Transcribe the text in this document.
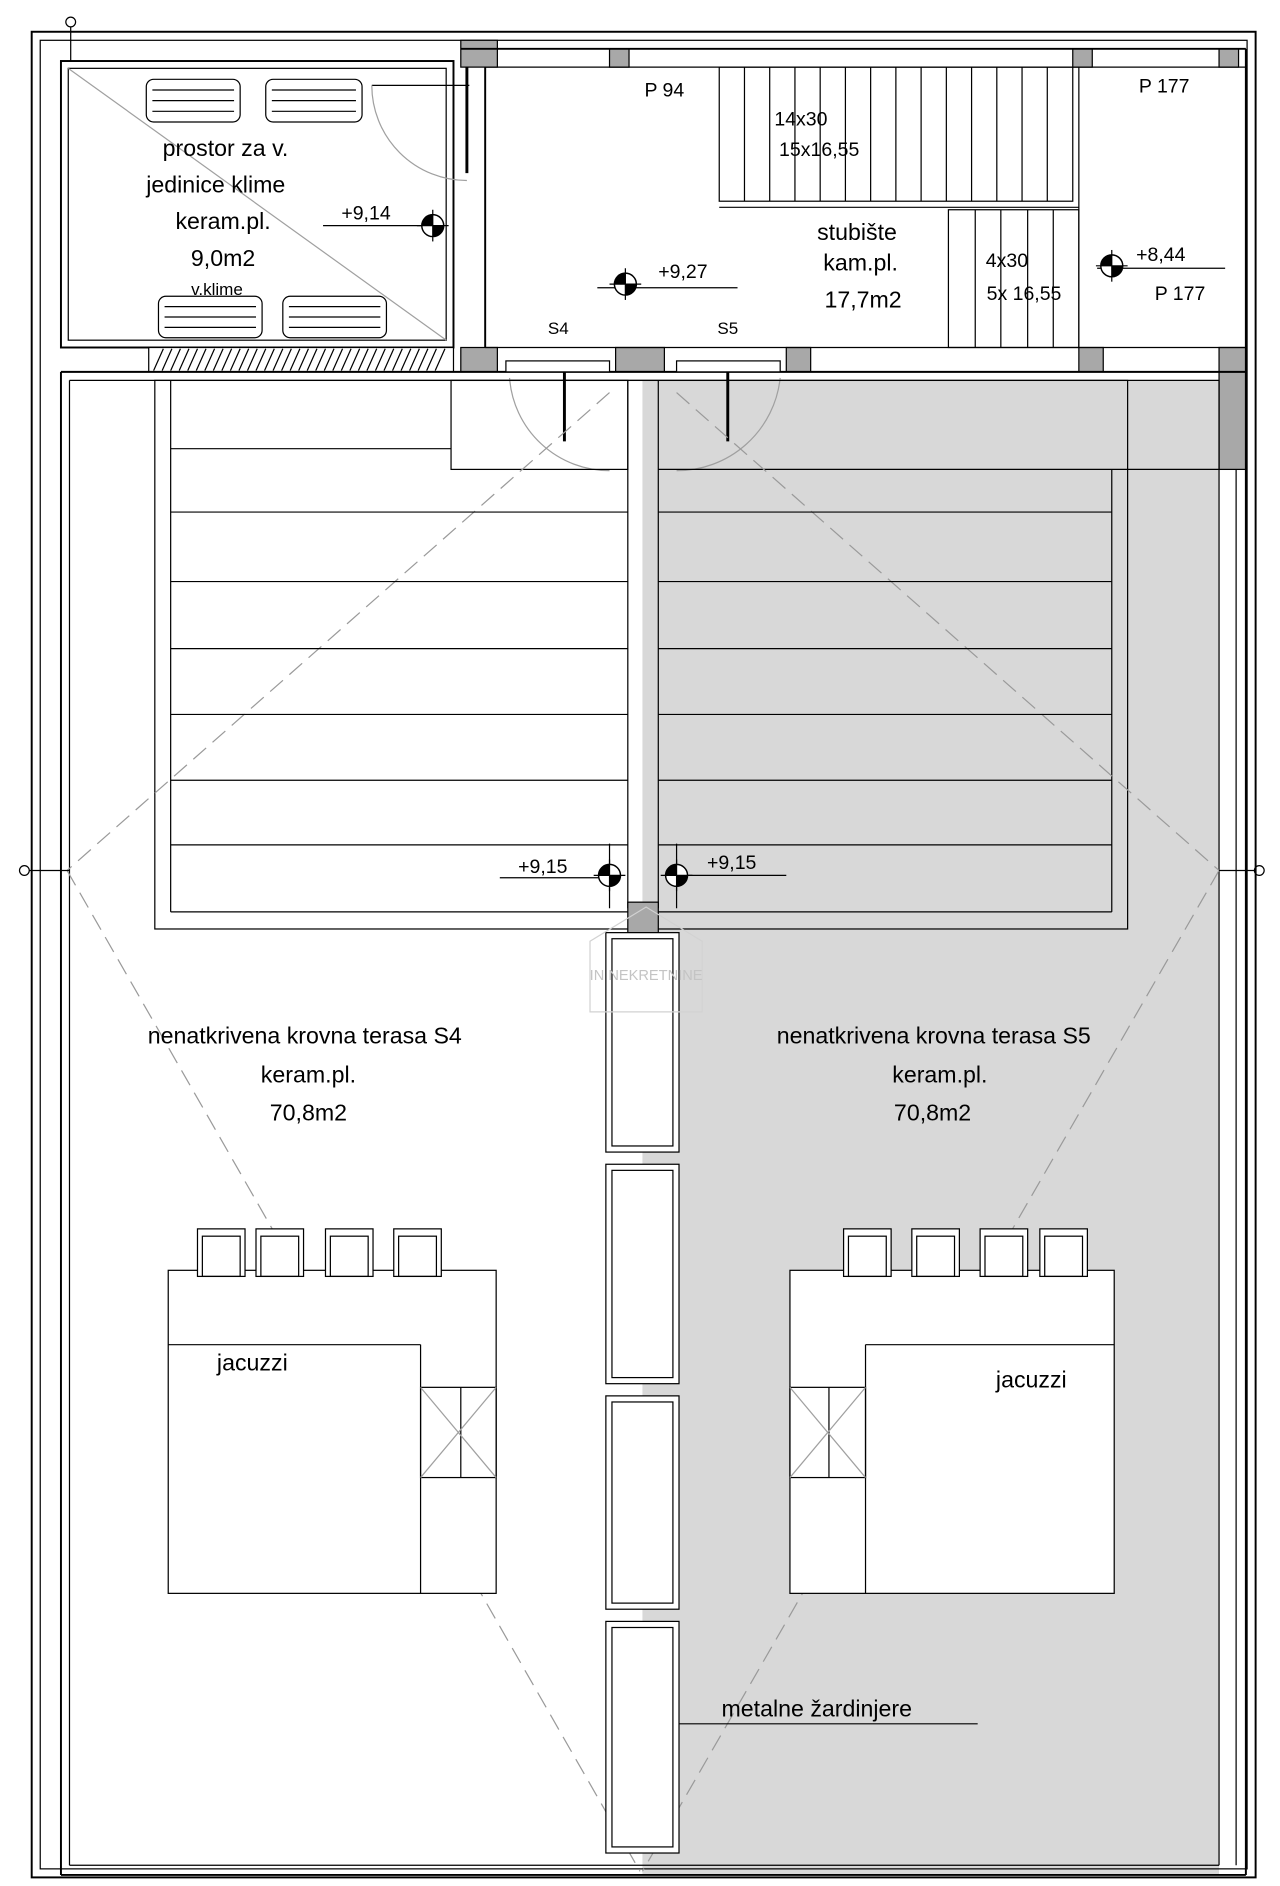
IN NEKRETNINE
prostor za v.
jedinice klime
keram.pl.
9,0m2
v.klime
+9,14
P 94
14x30
15x16,55
+9,27
stubište
kam.pl.
17,7m2
4x30
5x 16,55
+8,44
P 177
P 177
S4	S5
+9,15	+9,15
nenatkrivena krovna terasa S4
keram.pl.
70,8m2
jacuzzi
nenatkrivena krovna terasa S5
keram.pl.
70,8m2
jacuzzi
metalne žardinjere
